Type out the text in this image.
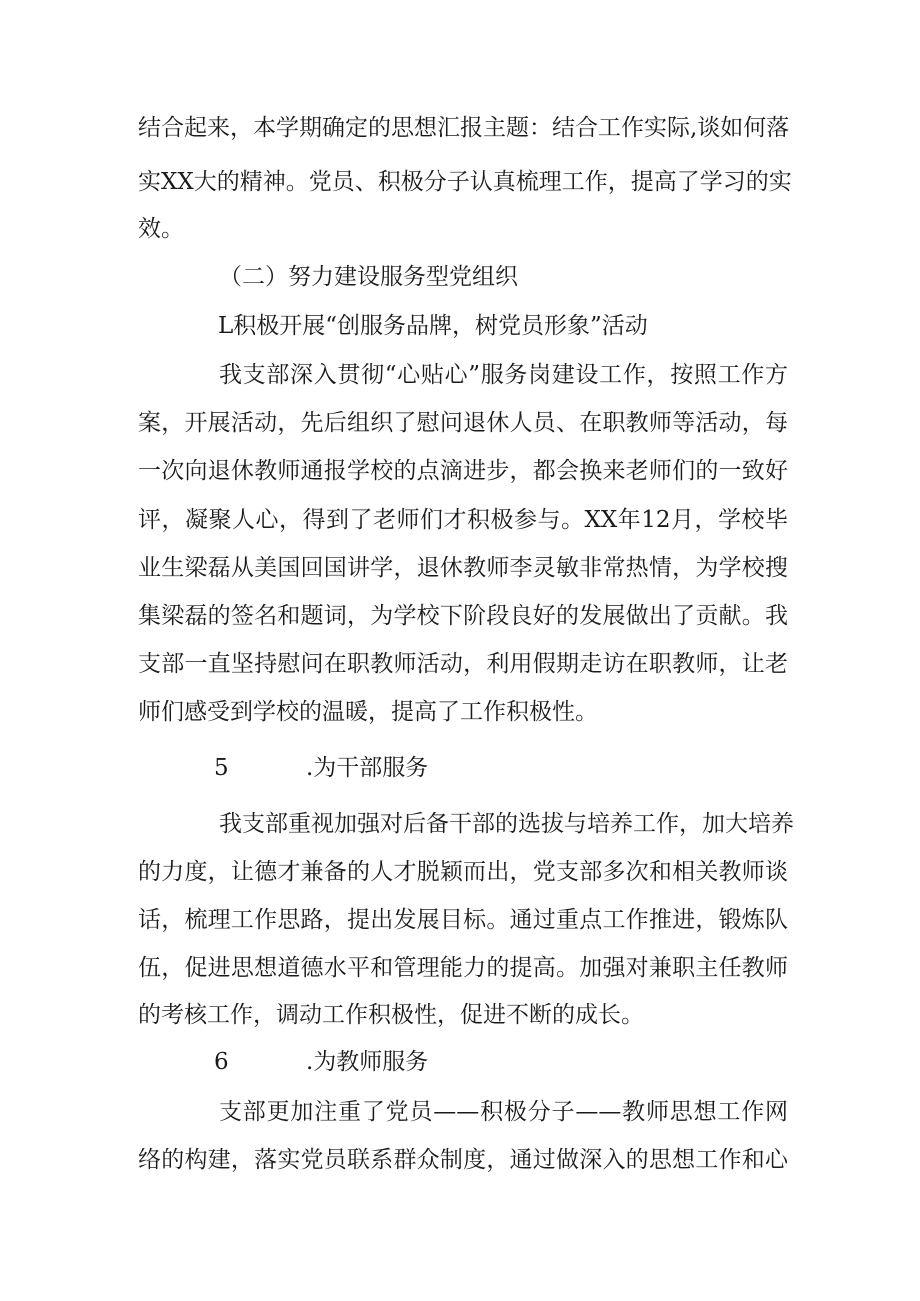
结合起来，本学期确定的思想汇报主题：结合工作实际,谈如何落
实XX大的精神。党员、积极分子认真梳理工作，提高了学习的实
效。
（二）努力建设服务型党组织
L积极开展“创服务品牌，树党员形象”活动
我支部深入贯彻“心贴心”服务岗建设工作，按照工作方
案，开展活动，先后组织了慰问退休人员、在职教师等活动，每
一次向退休教师通报学校的点滴进步，都会换来老师们的一致好
评，凝聚人心，得到了老师们才积极参与。XX年12月，学校毕
业生梁磊从美国回国讲学，退休教师李灵敏非常热情，为学校搜
集梁磊的签名和题词，为学校下阶段良好的发展做出了贡献。我
支部一直坚持慰问在职教师活动，利用假期走访在职教师，让老
师们感受到学校的温暖，提高了工作积极性。
5	.为干部服务
我支部重视加强对后备干部的选拔与培养工作，加大培养
的力度，让德才兼备的人才脱颖而出，党支部多次和相关教师谈
话，梳理工作思路，提出发展目标。通过重点工作推进，锻炼队
伍，促进思想道德水平和管理能力的提高。加强对兼职主任教师
的考核工作，调动工作积极性，促进不断的成长。
6	.为教师服务
支部更加注重了党员——积极分子——教师思想工作网
络的构建，落实党员联系群众制度，通过做深入的思想工作和心
